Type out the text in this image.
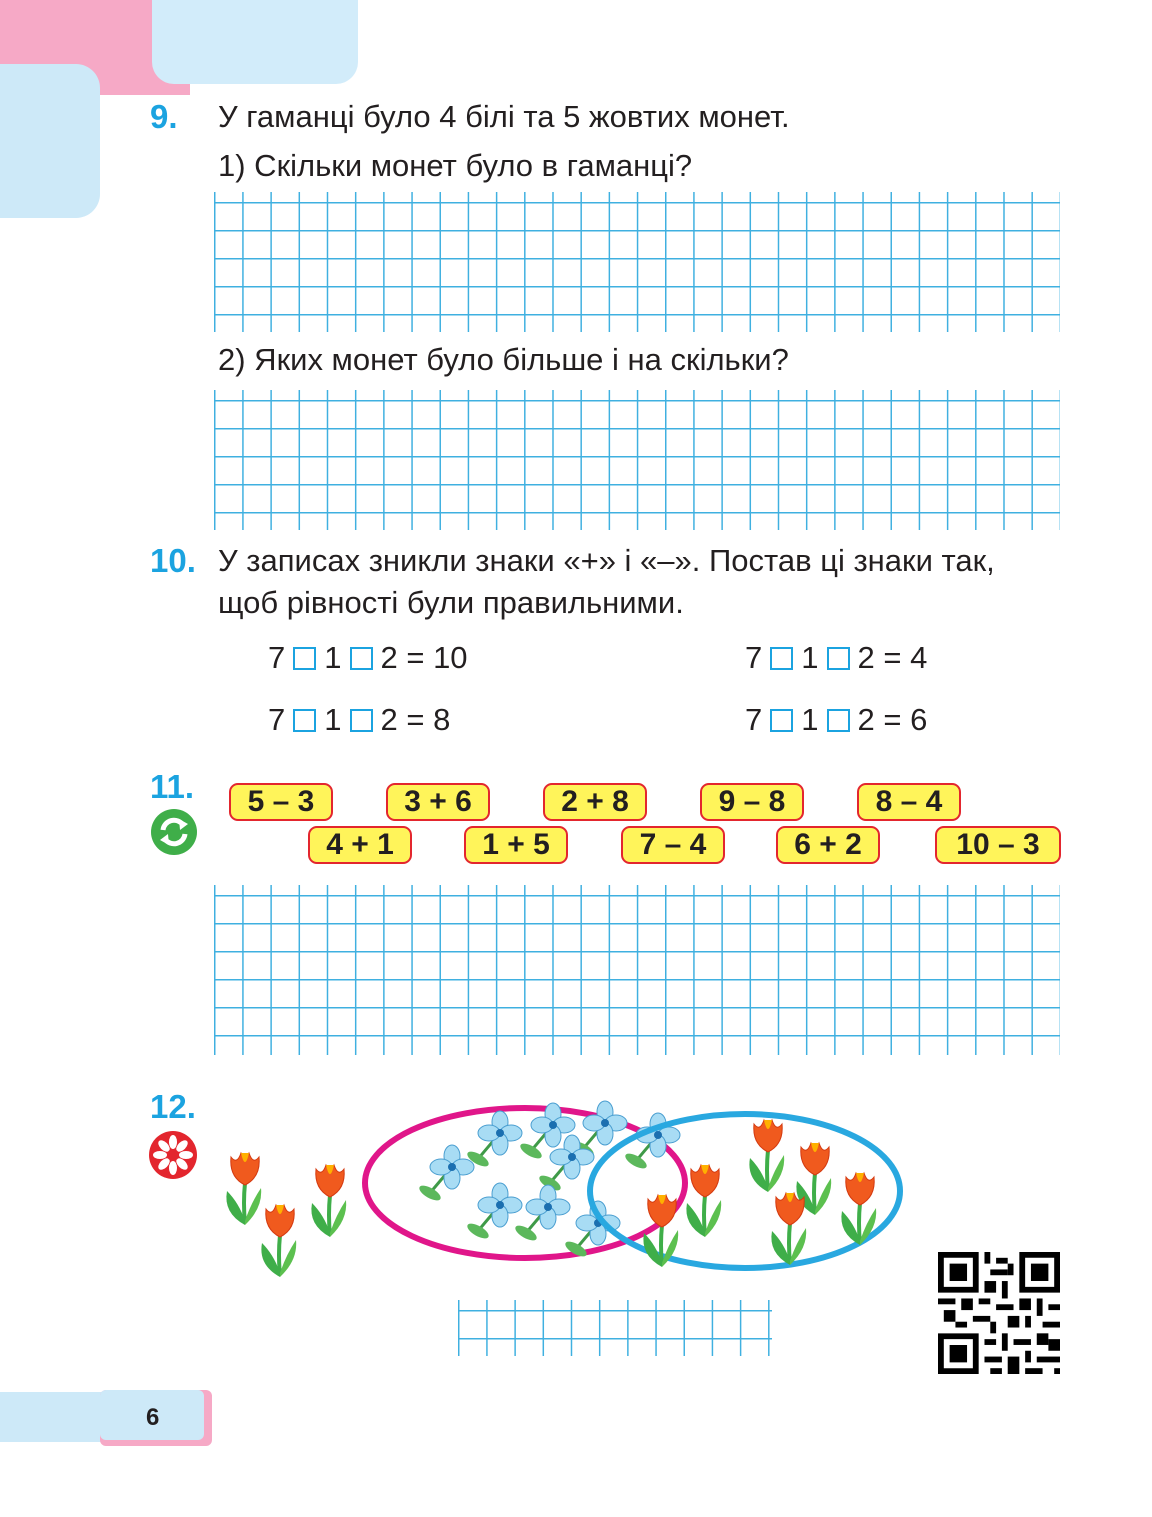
9. У гаманці було 4 білі та 5 жовтих монет.
1) Скільки монет було в гаманці?
2) Яких монет було більше і на скільки?
10. У записах зникли знаки «+» і «–». Постав ці знаки так,
щоб рівності були правильними.
7 1 2 = 10	7 1 2 = 4
7 1 2 = 8	7 1 2 = 6
11.	5 – 3	3 + 6	2 + 8	9 – 8	8 – 4
4 + 1	1 + 5	7 – 4	6 + 2	10 – 3
12.
6
